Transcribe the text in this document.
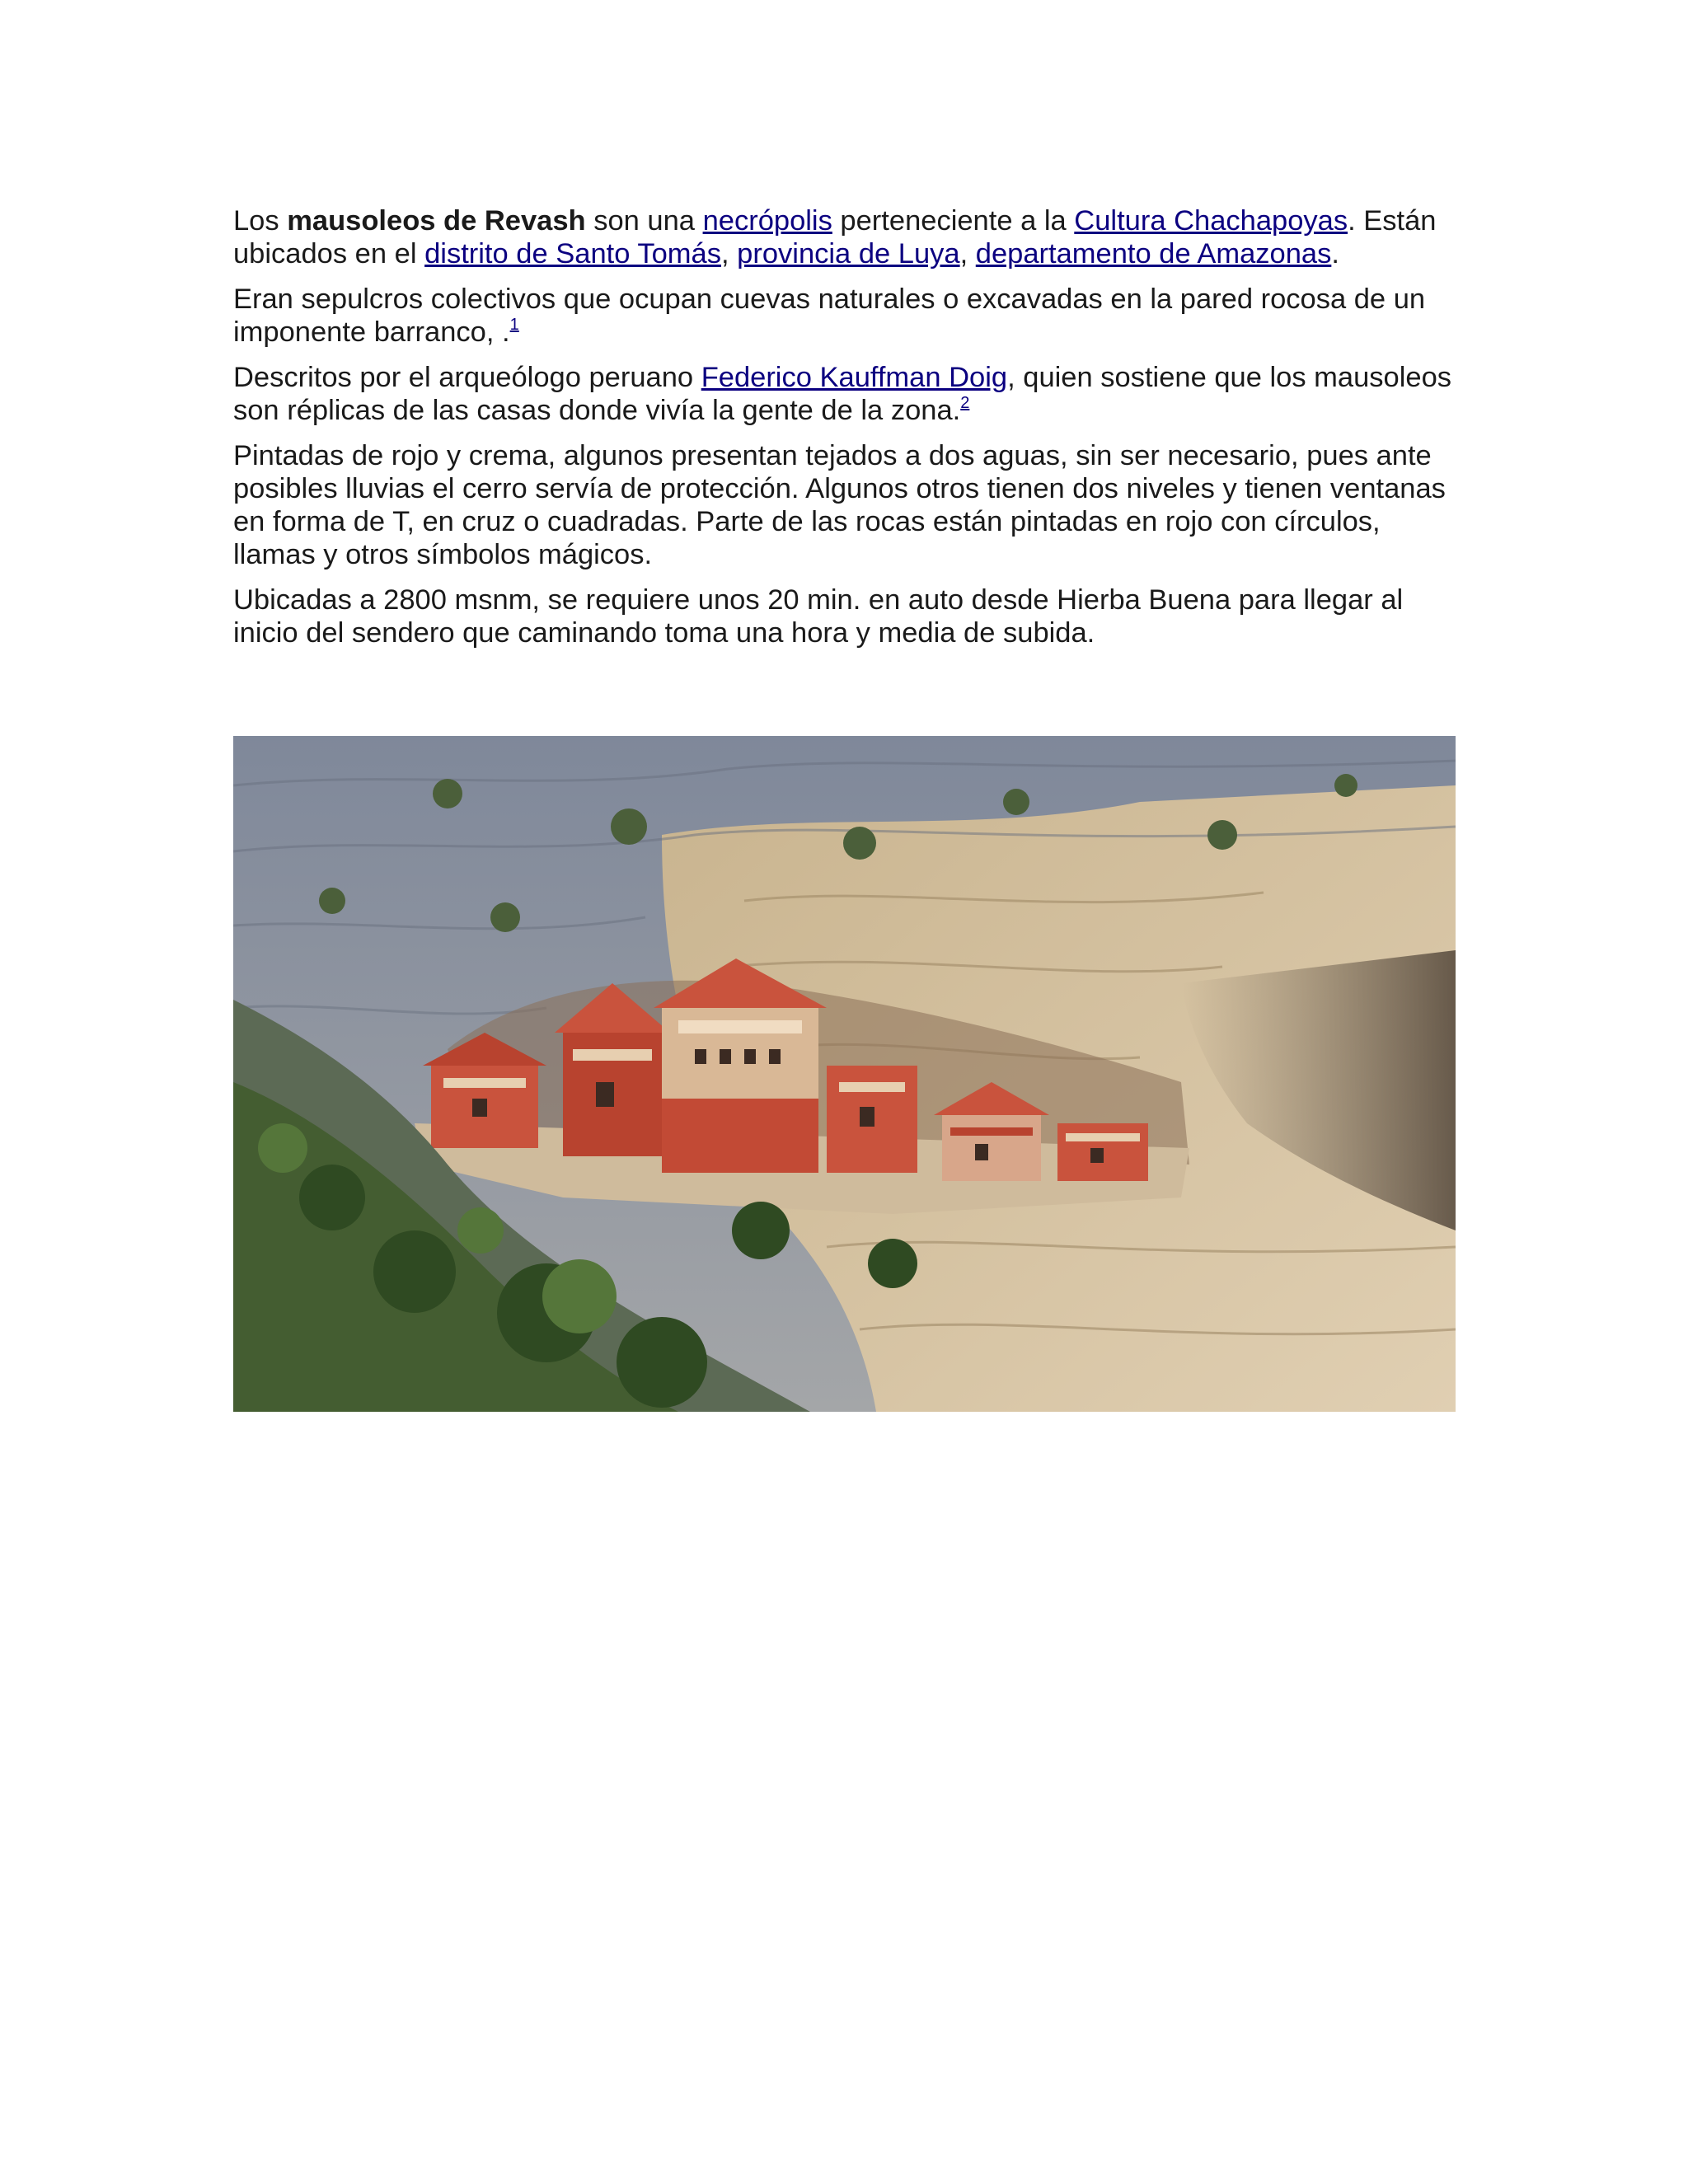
Los mausoleos de Revash son una necrópolis perteneciente a la Cultura Chachapoyas. Están ubicados en el distrito de Santo Tomás, provincia de Luya, departamento de Amazonas.

Eran sepulcros colectivos que ocupan cuevas naturales o excavadas en la pared rocosa de un imponente barranco, .$^1$

Descritos por el arqueólogo peruano Federico Kauffman Doig, quien sostiene que los mausoleos son réplicas de las casas donde vivía la gente de la zona.$^2$

Pintadas de rojo y crema, algunos presentan tejados a dos aguas, sin ser necesario, pues ante posibles lluvias el cerro servía de protección. Algunos otros tienen dos niveles y tienen ventanas en forma de T, en cruz o cuadradas. Parte de las rocas están pintadas en rojo con círculos, llamas y otros símbolos mágicos.

Ubicadas a 2800 msnm, se requiere unos 20 min. en auto desde Hierba Buena para llegar al inicio del sendero que caminando toma una hora y media de subida.
